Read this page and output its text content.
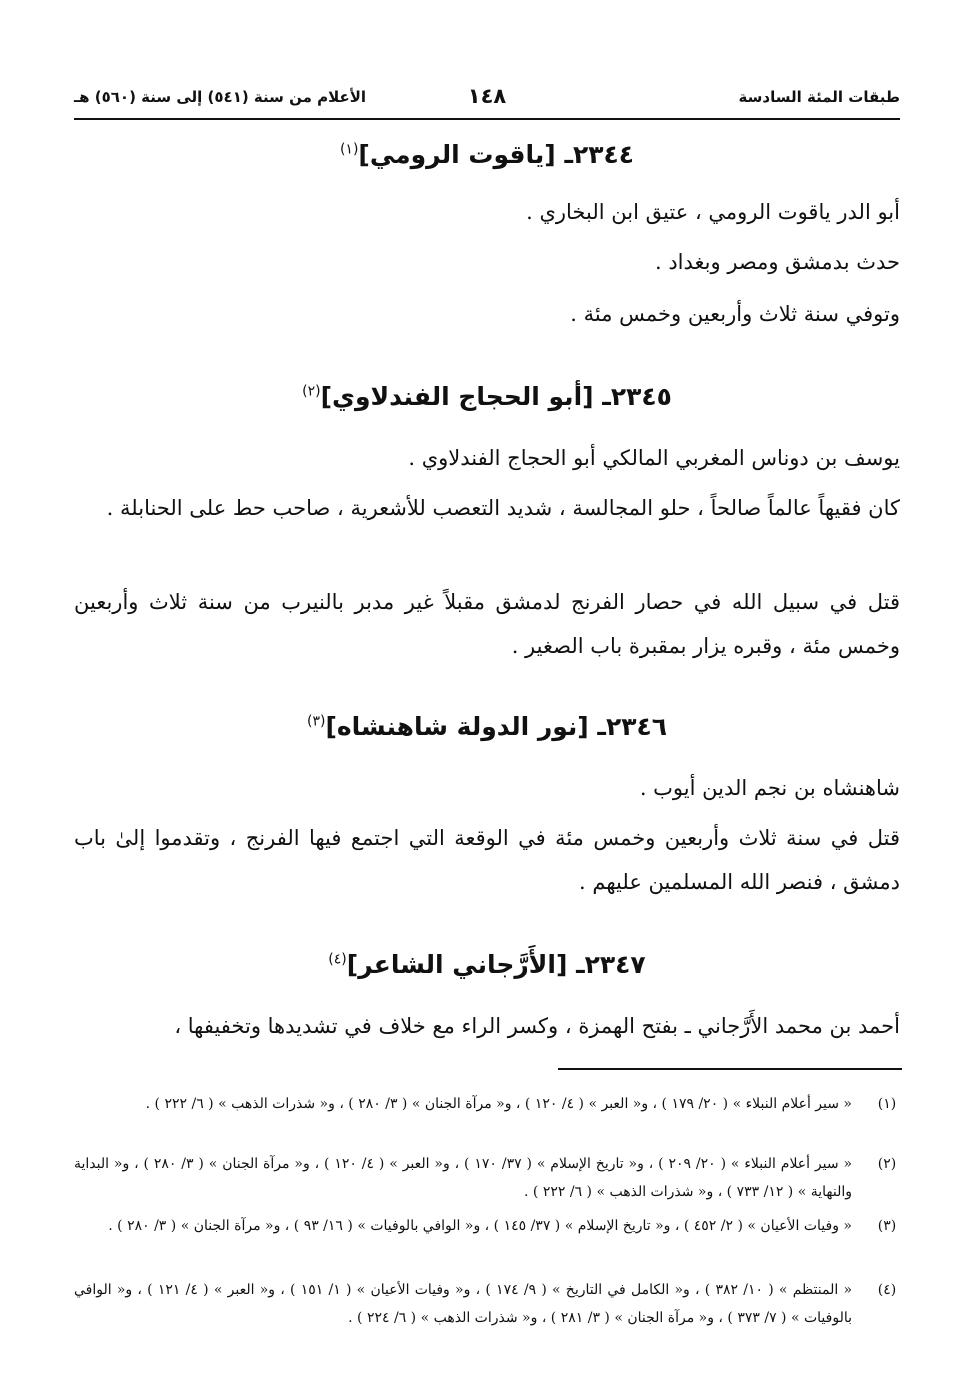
طبقات المئة السادسة
١٤٨
الأعلام من سنة (٥٤١) إلى سنة (٥٦٠) هـ
٢٣٤٤ـ [ياقوت الرومي]$^{(١)}$
أبو الدر ياقوت الرومي ، عتيق ابن البخاري .
حدث بدمشق ومصر وبغداد .
وتوفي سنة ثلاث وأربعين وخمس مئة .
٢٣٤٥ـ [أبو الحجاج الفندلاوي]$^{(٢)}$
يوسف بن دوناس المغربي المالكي أبو الحجاج الفندلاوي .
كان فقيهاً عالماً صالحاً ، حلو المجالسة ، شديد التعصب للأشعرية ، صاحب حط على الحنابلة .
قتل في سبيل الله في حصار الفرنج لدمشق مقبلاً غير مدبر بالنيرب من سنة ثلاث وأربعين وخمس مئة ، وقبره يزار بمقبرة باب الصغير .
٢٣٤٦ـ [نور الدولة شاهنشاه]$^{(٣)}$
شاهنشاه بن نجم الدين أيوب .
قتل في سنة ثلاث وأربعين وخمس مئة في الوقعة التي اجتمع فيها الفرنج ، وتقدموا إلىٰ باب دمشق ، فنصر الله المسلمين عليهم .
٢٣٤٧ـ [الأَرَّجاني الشاعر]$^{(٤)}$
أحمد بن محمد الأَرَّجاني ـ بفتح الهمزة ، وكسر الراء مع خلاف في تشديدها وتخفيفها ،
(١)
« سير أعلام النبلاء » ( ٢٠/ ١٧٩ ) ، و« العبر » ( ٤/ ١٢٠ ) ، و« مرآة الجنان » ( ٣/ ٢٨٠ ) ، و« شذرات الذهب » ( ٦/ ٢٢٢ ) .
(٢)
« سير أعلام النبلاء » ( ٢٠/ ٢٠٩ ) ، و« تاريخ الإسلام » ( ٣٧/ ١٧٠ ) ، و« العبر » ( ٤/ ١٢٠ ) ، و« مرآة الجنان » ( ٣/ ٢٨٠ ) ، و« البداية والنهاية » ( ١٢/ ٧٣٣ ) ، و« شذرات الذهب » ( ٦/ ٢٢٢ ) .
(٣)
« وفيات الأعيان » ( ٢/ ٤٥٢ ) ، و« تاريخ الإسلام » ( ٣٧/ ١٤٥ ) ، و« الوافي بالوفيات » ( ١٦/ ٩٣ ) ، و« مرآة الجنان » ( ٣/ ٢٨٠ ) .
(٤)
« المنتظم » ( ١٠/ ٣٨٢ ) ، و« الكامل في التاريخ » ( ٩/ ١٧٤ ) ، و« وفيات الأعيان » ( ١/ ١٥١ ) ، و« العبر » ( ٤/ ١٢١ ) ، و« الوافي بالوفيات » ( ٧/ ٣٧٣ ) ، و« مرآة الجنان » ( ٣/ ٢٨١ ) ، و« شذرات الذهب » ( ٦/ ٢٢٤ ) .
